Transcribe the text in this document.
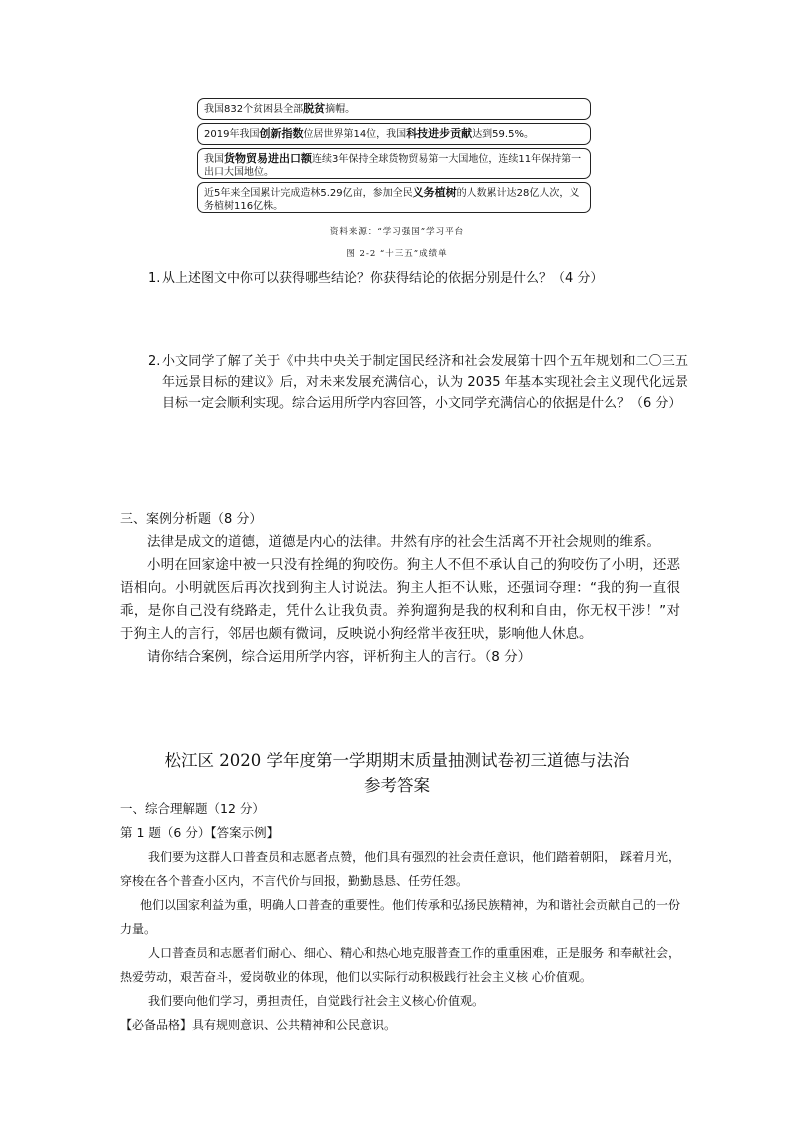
我国832个贫困县全部脱贫摘帽。
2019年我国创新指数位居世界第14位，我国科技进步贡献达到59.5%。
我国货物贸易进出口额连续3年保持全球货物贸易第一大国地位，连续11年保持第一出口大国地位。
近5年来全国累计完成造林5.29亿亩，参加全民义务植树的人数累计达28亿人次，义务植树116亿株。
资料来源：“学习强国”学习平台
图 2-2 “十三五”成绩单
1. 从上述图文中你可以获得哪些结论？你获得结论的依据分别是什么？（4 分）
2. 小文同学了解了关于《中共中央关于制定国民经济和社会发展第十四个五年规划和二〇三五年远景目标的建议》后，对未来发展充满信心，认为 2035 年基本实现社会主义现代化远景目标一定会顺利实现。综合运用所学内容回答，小文同学充满信心的依据是什么？（6 分）

三、案例分析题（8 分）

法律是成文的道德，道德是内心的法律。井然有序的社会生活离不开社会规则的维系。

小明在回家途中被一只没有拴绳的狗咬伤。狗主人不但不承认自己的狗咬伤了小明，还恶语相向。小明就医后再次找到狗主人讨说法。狗主人拒不认账，还强词夺理：“我的狗一直很乖，是你自己没有绕路走，凭什么让我负责。养狗遛狗是我的权利和自由，你无权干涉！”对于狗主人的言行，邻居也颇有微词，反映说小狗经常半夜狂吠，影响他人休息。

请你结合案例，综合运用所学内容，评析狗主人的言行。（8 分）

松江区 2020 学年度第一学期期末质量抽测试卷初三道德与法治
参考答案

一、综合理解题（12 分）

第 1 题（6 分）【答案示例】

我们要为这群人口普查员和志愿者点赞，他们具有强烈的社会责任意识，他们踏着朝阳， 踩着月光，穿梭在各个普查小区内，不言代价与回报，勤勤恳恳、任劳任怨。

他们以国家利益为重，明确人口普查的重要性。他们传承和弘扬民族精神，为和谐社会贡献自己的一份力量。

人口普查员和志愿者们耐心、细心、精心和热心地克服普查工作的重重困难，正是服务 和奉献社会，热爱劳动，艰苦奋斗，爱岗敬业的体现，他们以实际行动积极践行社会主义核 心价值观。

我们要向他们学习，勇担责任，自觉践行社会主义核心价值观。

【必备品格】具有规则意识、公共精神和公民意识。
